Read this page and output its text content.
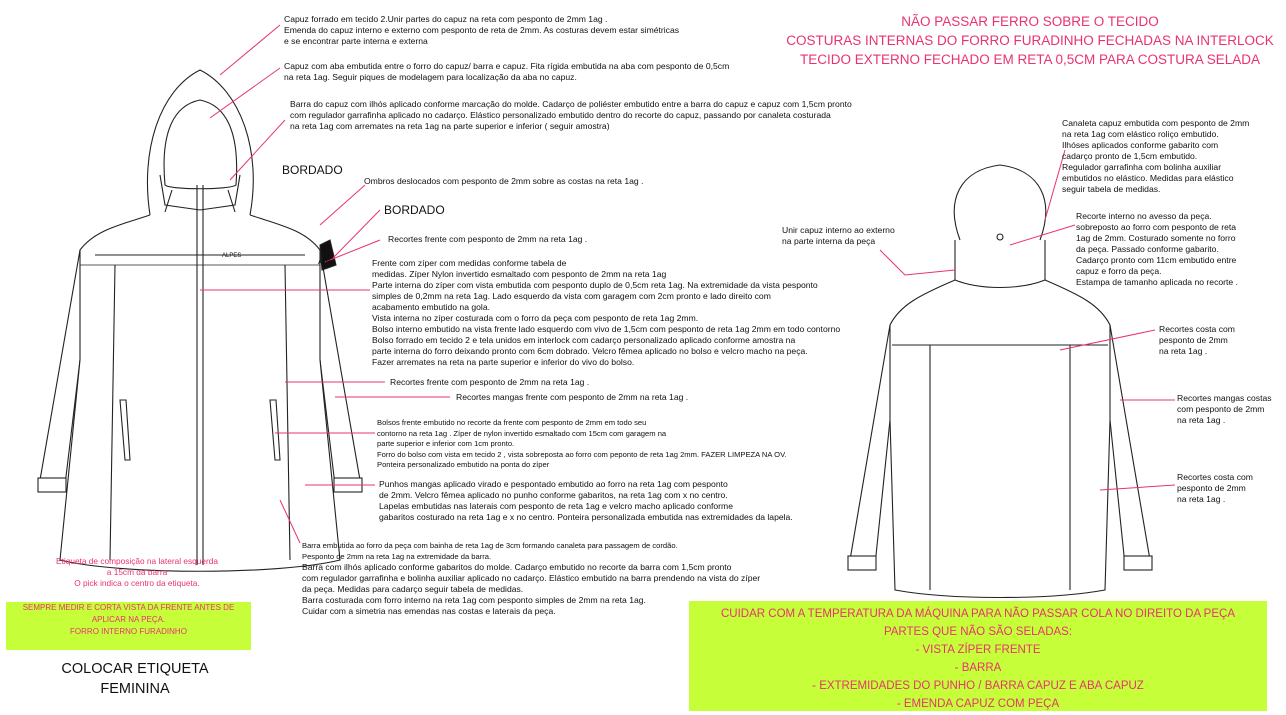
ALPES
NÃO PASSAR FERRO SOBRE O TECIDO
COSTURAS INTERNAS DO FORRO FURADINHO FECHADAS NA INTERLOCK
TECIDO EXTERNO FECHADO EM RETA 0,5CM PARA COSTURA SELADA
Capuz forrado em tecido 2.Unir partes do capuz na reta com pesponto de 2mm 1ag .
Emenda do capuz interno e externo com pesponto de reta de 2mm. As costuras devem estar simétricas
e se encontrar parte interna e externa
Capuz com aba embutida entre o forro do capuz/ barra e capuz. Fita rígida embutida na aba com pesponto de 0,5cm
na reta 1ag. Seguir piques de modelagem para localização da aba no capuz.
Barra do capuz com ilhós aplicado conforme marcação do molde. Cadarço de poliéster embutido entre a barra do capuz e capuz com 1,5cm pronto
com regulador garrafinha aplicado no cadarço. Elástico personalizado embutido dentro do recorte do capuz, passando por canaleta costurada
na reta 1ag com arremates na reta 1ag na parte superior e inferior ( seguir amostra)
BORDADO
Ombros deslocados com pesponto de 2mm sobre as costas na reta 1ag .
BORDADO
Recortes frente com pesponto de 2mm na reta 1ag .
Frente com zíper com medidas conforme tabela de
medidas. Zíper Nylon invertido esmaltado com pesponto de 2mm na reta 1ag
Parte interna do zíper com vista embutida com pesponto duplo de 0,5cm reta 1ag. Na extremidade da vista pesponto
simples de 0,2mm na reta 1ag. Lado esquerdo da vista com garagem com 2cm pronto e lado direito com
acabamento embutido na gola.
Vista interna no zíper costurada com o forro da peça com pesponto de reta 1ag 2mm.
Bolso interno embutido na vista frente lado esquerdo com vivo de 1,5cm com pesponto de reta 1ag 2mm em todo contorno
Bolso forrado em tecido 2 e tela unidos em interlock com cadarço personalizado aplicado conforme amostra na
parte interna do forro deixando pronto com 6cm dobrado. Velcro fêmea aplicado no bolso e velcro macho na peça.
Fazer arremates na reta na parte superior e inferior do vivo do bolso.
Recortes frente com pesponto de 2mm na reta 1ag .
Recortes mangas frente com pesponto de 2mm na reta 1ag .
Bolsos frente embutido no recorte da frente com pesponto de 2mm em todo seu
contorno na reta 1ag . Zíper de nylon invertido esmaltado com 15cm com garagem na
parte superior e inferior com 1cm pronto.
Forro do bolso com vista em tecido 2 , vista sobreposta ao forro com peponto de reta 1ag 2mm. FAZER LIMPEZA NA OV.
Ponteira personalizado embutido na ponta do zíper
Punhos mangas aplicado virado e pespontado embutido ao forro na reta 1ag com pesponto
de 2mm. Velcro fêmea aplicado no punho conforme gabaritos, na reta 1ag com x no centro.
Lapelas embutidas nas laterais com pesponto de reta 1ag e velcro macho aplicado conforme
gabaritos costurado na reta 1ag e x no centro. Ponteira personalizada embutida nas extremidades da lapela.
Barra embutida ao forro da peça com bainha de reta 1ag de 3cm formando canaleta para passagem de cordão.
Pesponto de 2mm na reta 1ag na extremidade da barra.
Barra com ilhós aplicado conforme gabaritos do molde. Cadarço embutido no recorte da barra com 1,5cm pronto
com regulador garrafinha e bolinha auxiliar aplicado no cadarço. Elástico embutido na barra prendendo na vista do zíper
da peça. Medidas para cadarço seguir tabela de medidas.
Barra costurada com forro interno na reta 1ag com pesponto simples de 2mm na reta 1ag.
Cuidar com a simetria nas emendas nas costas e laterais da peça.
Canaleta capuz embutida com pesponto de 2mm
na reta 1ag com elástico roliço embutido.
Ilhóses aplicados conforme gabarito com
cadarço pronto de 1,5cm embutido.
Regulador garrafinha com bolinha auxiliar
embutidos no elástico. Medidas para elástico
seguir tabela de medidas.
Unir capuz interno ao externo
na parte interna da peça
Recorte interno no avesso da peça.
sobreposto ao forro com pesponto de reta
1ag de 2mm. Costurado somente no forro
da peça. Passado conforme gabarito.
Cadarço pronto com 11cm embutido entre
capuz e forro da peça.
Estampa de tamanho aplicada no recorte .
Recortes costa com
pesponto de 2mm
na reta 1ag .
Recortes mangas costas
com pesponto de 2mm
na reta 1ag .
Recortes costa com
pesponto de 2mm
na reta 1ag .
ALP
Etiqueta de composição na lateral esquerda
a 15cm da barra
O pick indica o centro da etiqueta.
SEMPRE MEDIR E CORTA VISTA DA FRENTE ANTES DE
APLICAR NA PEÇA.
FORRO INTERNO FURADINHO
COLOCAR ETIQUETA
FEMININA
CUIDAR COM A TEMPERATURA DA MÁQUINA PARA NÃO PASSAR COLA NO DIREITO DA PEÇA
PARTES QUE NÃO SÃO SELADAS:
- VISTA ZÍPER FRENTE
- BARRA
- EXTREMIDADES DO PUNHO / BARRA CAPUZ E ABA CAPUZ
- EMENDA CAPUZ COM PEÇA
